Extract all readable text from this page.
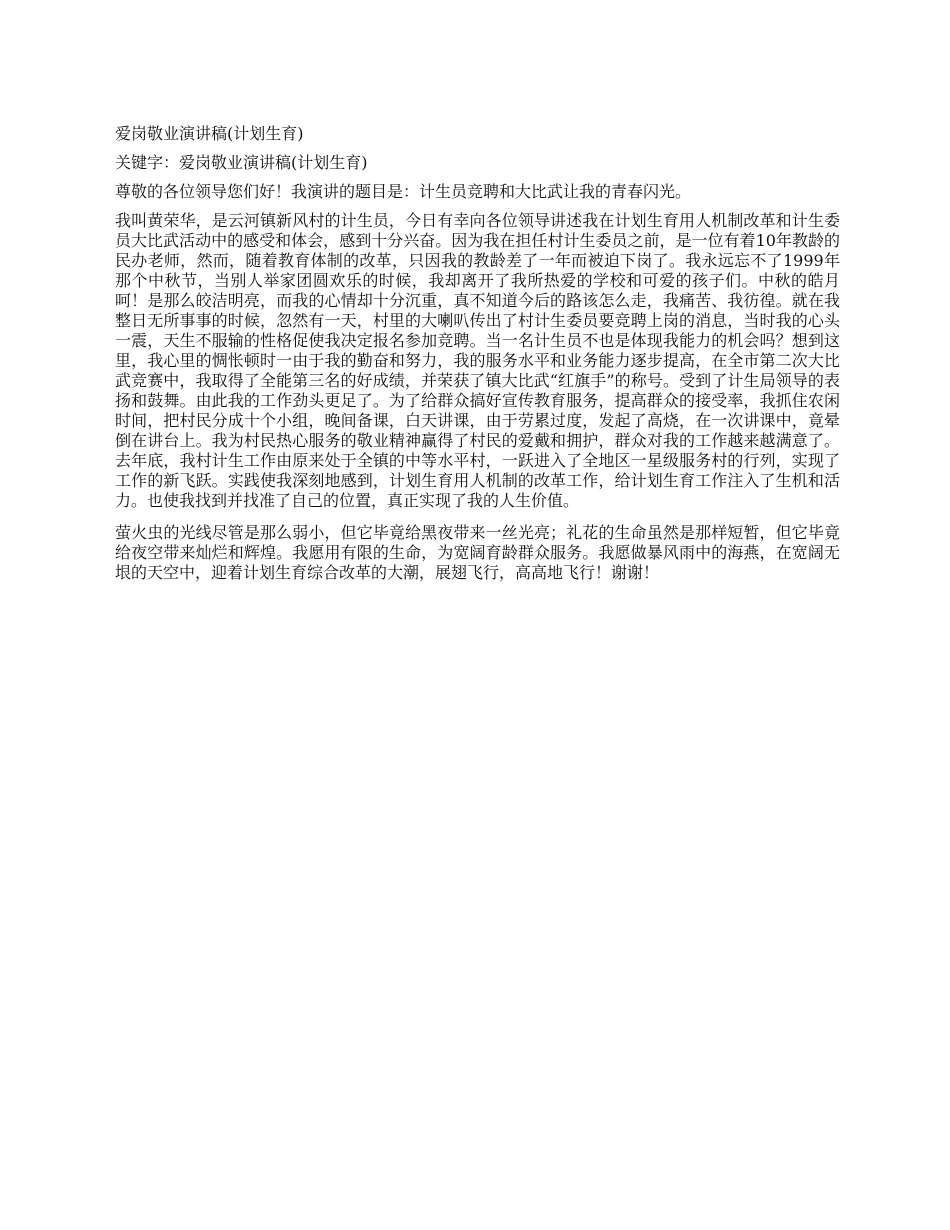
爱岗敬业演讲稿(计划生育)
关键字：爱岗敬业演讲稿(计划生育)
尊敬的各位领导您们好！我演讲的题目是：计生员竞聘和大比武让我的青春闪光。
我叫黄荣华，是云河镇新风村的计生员，今日有幸向各位领导讲述我在计划生育用人机制改革和计生委员大比武活动中的感受和体会，感到十分兴奋。因为我在担任村计生委员之前，是一位有着10年教龄的民办老师，然而，随着教育体制的改革，只因我的教龄差了一年而被迫下岗了。我永远忘不了1999年那个中秋节，当别人举家团圆欢乐的时候，我却离开了我所热爱的学校和可爱的孩子们。中秋的皓月呵！是那么皎洁明亮，而我的心情却十分沉重，真不知道今后的路该怎么走，我痛苦、我彷徨。就在我整日无所事事的时候，忽然有一天，村里的大喇叭传出了村计生委员要竞聘上岗的消息，当时我的心头一震，天生不服输的性格促使我决定报名参加竞聘。当一名计生员不也是体现我能力的机会吗？想到这里，我心里的惆怅顿时一由于我的勤奋和努力，我的服务水平和业务能力逐步提高，在全市第二次大比武竞赛中，我取得了全能第三名的好成绩，并荣获了镇大比武“红旗手”的称号。受到了计生局领导的表扬和鼓舞。由此我的工作劲头更足了。为了给群众搞好宣传教育服务，提高群众的接受率，我抓住农闲时间，把村民分成十个小组，晚间备课，白天讲课，由于劳累过度，发起了高烧，在一次讲课中，竟晕倒在讲台上。我为村民热心服务的敬业精神赢得了村民的爱戴和拥护，群众对我的工作越来越满意了。去年底，我村计生工作由原来处于全镇的中等水平村，一跃进入了全地区一星级服务村的行列，实现了工作的新飞跃。实践使我深刻地感到，计划生育用人机制的改革工作，给计划生育工作注入了生机和活力。也使我找到并找准了自己的位置，真正实现了我的人生价值。
萤火虫的光线尽管是那么弱小，但它毕竟给黑夜带来一丝光亮；礼花的生命虽然是那样短暂，但它毕竟给夜空带来灿烂和辉煌。我愿用有限的生命，为宽阔育龄群众服务。我愿做暴风雨中的海燕，在宽阔无垠的天空中，迎着计划生育综合改革的大潮，展翅飞行，高高地飞行！谢谢！
